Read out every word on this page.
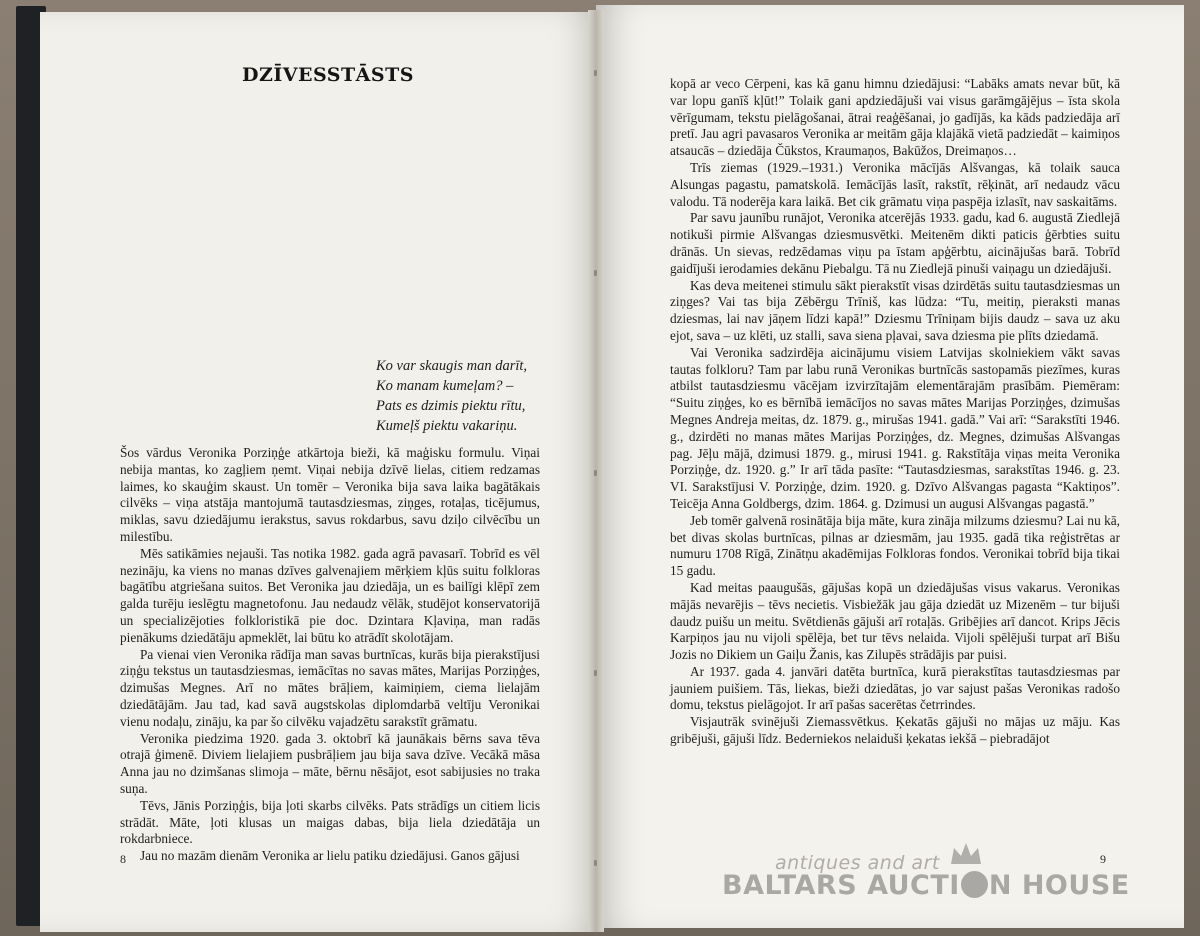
DZĪVESSTĀSTS
Ko var skaugis man darīt,
Ko manam kumeļam? –
Pats es dzimis piektu rītu,
Kumeļš piektu vakariņu.

Šos vārdus Veronika Porziņģe atkārtoja bieži, kā maģisku formulu. Viņai nebija mantas, ko zagļiem ņemt. Viņai nebija dzīvē lielas, citiem redzamas laimes, ko skauģim skaust. Un tomēr – Veronika bija sava laika bagātākais cilvēks – viņa atstāja mantojumā tautasdziesmas, ziņges, rotaļas, ticējumus, miklas, savu dziedājumu ierakstus, savus rokdarbus, savu dziļo cilvēcību un milestību.

Mēs satikāmies nejauši. Tas notika 1982. gada agrā pavasarī. Tobrīd es vēl nezināju, ka viens no manas dzīves galvenajiem mērķiem kļūs suitu folkloras bagātību atgriešana suitos. Bet Veronika jau dziedāja, un es bailīgi klēpī zem galda turēju ieslēgtu magnetofonu. Jau nedaudz vēlāk, studējot konservatorijā un specializējoties folkloristikā pie doc. Dzintara Kļaviņa, man radās pienākums dziedātāju apmeklēt, lai būtu ko atrādīt skolotājam.

Pa vienai vien Veronika rādīja man savas burtnīcas, kurās bija pierakstījusi ziņģu tekstus un tautasdziesmas, iemācītas no savas mātes, Marijas Porziņģes, dzimušas Megnes. Arī no mātes brāļiem, kaimiņiem, ciema lielajām dziedātājām. Jau tad, kad savā augstskolas diplomdarbā veltīju Veronikai vienu nodaļu, zināju, ka par šo cilvēku vajadzētu sarakstīt grāmatu.

Veronika piedzima 1920. gada 3. oktobrī kā jaunākais bērns sava tēva otrajā ģimenē. Diviem lielajiem pusbrāļiem jau bija sava dzīve. Vecākā māsa Anna jau no dzimšanas slimoja – māte, bērnu nēsājot, esot sabijusies no traka suņa.

Tēvs, Jānis Porziņģis, bija ļoti skarbs cilvēks. Pats strādīgs un citiem licis strādāt. Māte, ļoti klusas un maigas dabas, bija liela dziedātāja un rokdarbniece.

Jau no mazām dienām Veronika ar lielu patiku dziedājusi. Ganos gājusi

8

kopā ar veco Cērpeni, kas kā ganu himnu dziedājusi: “Labāks amats nevar būt, kā var lopu ganīš kļūt!” Tolaik gani apdziedājuši vai visus garāmgājējus – īsta skola vērīgumam, tekstu pielāgošanai, ātrai reaģēšanai, jo gadījās, ka kāds padziedāja arī pretī. Jau agri pavasaros Veronika ar meitām gāja klajākā vietā padziedāt – kaimiņos atsaucās – dziedāja Čūkstos, Kraumaņos, Bakūžos, Dreimaņos…

Trīs ziemas (1929.–1931.) Veronika mācījās Alšvangas, kā tolaik sauca Alsungas pagastu, pamatskolā. Iemācījās lasīt, rakstīt, rēķināt, arī nedaudz vācu valodu. Tā noderēja kara laikā. Bet cik grāmatu viņa paspēja izlasīt, nav saskaitāms.

Par savu jaunību runājot, Veronika atcerējās 1933. gadu, kad 6. augustā Ziedlejā notikuši pirmie Alšvangas dziesmusvētki. Meitenēm dikti paticis ģērbties suitu drānās. Un sievas, redzēdamas viņu pa īstam apģērbtu, aicinājušas barā. Tobrīd gaidījuši ierodamies dekānu Piebalgu. Tā nu Ziedlejā pinuši vaiņagu un dziedājuši.

Kas deva meitenei stimulu sākt pierakstīt visas dzirdētās suitu tautasdziesmas un ziņges? Vai tas bija Zēbērgu Trīniš, kas lūdza: “Tu, meitiņ, pieraksti manas dziesmas, lai nav jāņem līdzi kapā!” Dziesmu Trīniņam bijis daudz – sava uz aku ejot, sava – uz klēti, uz stalli, sava siena pļavai, sava dziesma pie plīts dziedamā.

Vai Veronika sadzirdēja aicinājumu visiem Latvijas skolniekiem vākt savas tautas folkloru? Tam par labu runā Veronikas burtnīcās sastopamās piezīmes, kuras atbilst tautasdziesmu vācējam izvirzītajām elementārajām prasībām. Piemēram: “Suitu ziņģes, ko es bērnībā iemācījos no savas mātes Marijas Porziņģes, dzimušas Megnes Andreja meitas, dz. 1879. g., mirušas 1941. gadā.” Vai arī: “Sarakstīti 1946. g., dzirdēti no manas mātes Marijas Porziņģes, dz. Megnes, dzimušas Alšvangas pag. Jēļu mājā, dzimusi 1879. g., mirusi 1941. g. Rakstītāja viņas meita Veronika Porziņģe, dz. 1920. g.” Ir arī tāda pasīte: “Tautasdziesmas, sarakstītas 1946. g. 23. VI. Sarakstījusi V. Porziņģe, dzim. 1920. g. Dzīvo Alšvangas pagasta “Kaktiņos”. Teicēja Anna Goldbergs, dzim. 1864. g. Dzimusi un augusi Alšvangas pagastā.”

Jeb tomēr galvenā rosinātāja bija māte, kura zināja milzums dziesmu? Lai nu kā, bet divas skolas burtnīcas, pilnas ar dziesmām, jau 1935. gadā tika reģistrētas ar numuru 1708 Rīgā, Zinātņu akadēmijas Folkloras fondos. Veronikai tobrīd bija tikai 15 gadu.

Kad meitas paaugušās, gājušas kopā un dziedājušas visus vakarus. Veronikas mājās nevarējis – tēvs necietis. Visbiežāk jau gāja dziedāt uz Mizenēm – tur bijuši daudz puišu un meitu. Svētdienās gājuši arī rotaļās. Gribējies arī dancot. Krips Jēcis Karpiņos jau nu vijoli spēlēja, bet tur tēvs nelaida. Vijoli spēlējuši turpat arī Bišu Jozis no Dikiem un Gaiļu Žanis, kas Zilupēs strādājis par puisi.

Ar 1937. gada 4. janvāri datēta burtnīca, kurā pierakstītas tautasdziesmas par jauniem puišiem. Tās, liekas, bieži dziedātas, jo var sajust pašas Veronikas radošo domu, tekstus pielāgojot. Ir arī pašas sacerētas četrrindes.

Visjautrāk svinējuši Ziemassvētkus. Ķekatās gājuši no mājas uz māju. Kas gribējuši, gājuši līdz. Bederniekos nelaiduši ķekatas iekšā – piebradājot

9
antiques and art
BALTARS AUCTI N HOUSE
